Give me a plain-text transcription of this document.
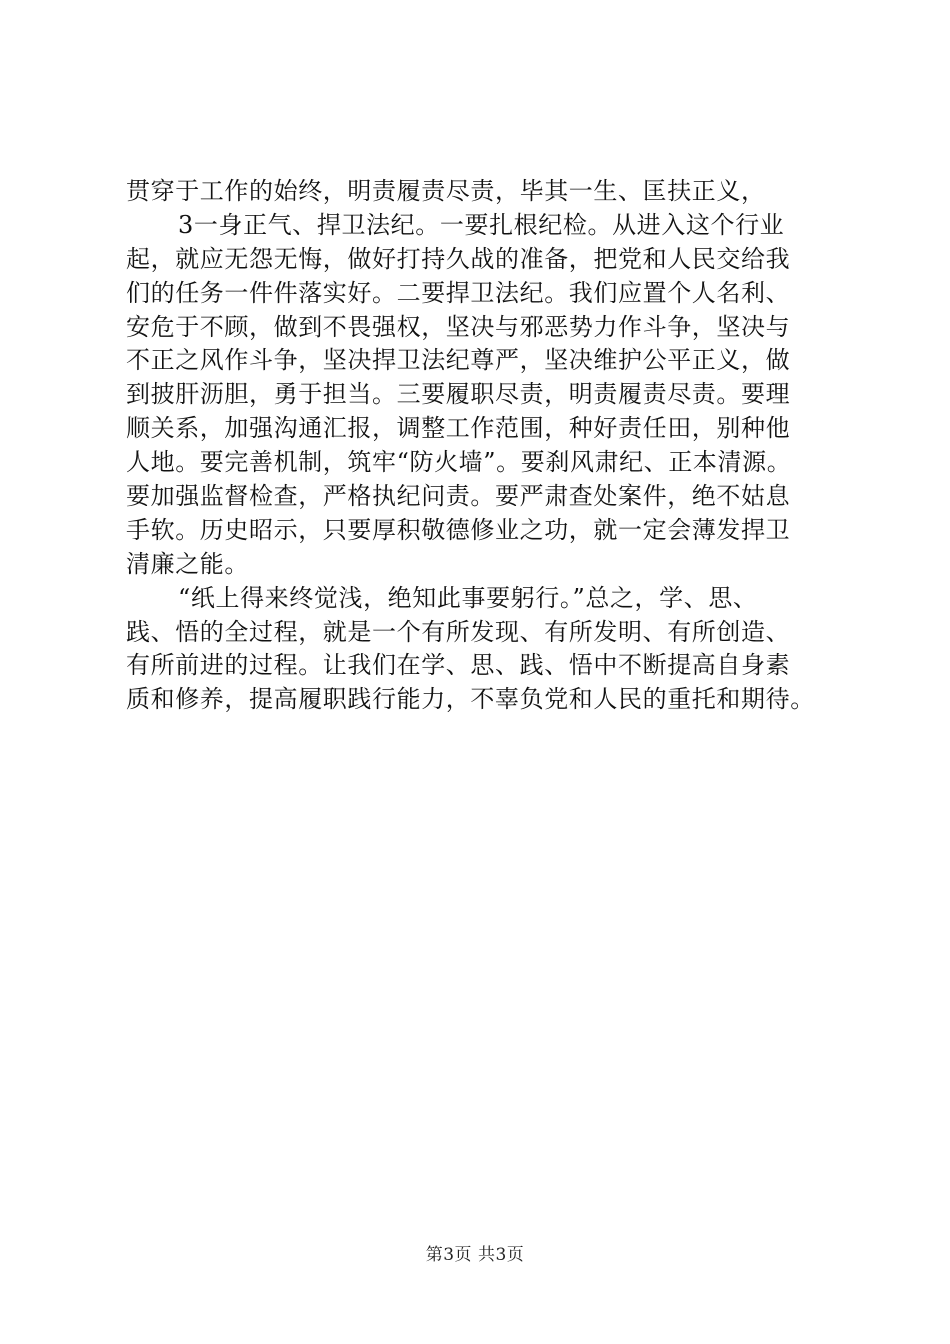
贯穿于工作的始终，明责履责尽责，毕其一生、匡扶正义，
3一身正气、捍卫法纪。一要扎根纪检。从进入这个行业
起，就应无怨无悔，做好打持久战的准备，把党和人民交给我
们的任务一件件落实好。二要捍卫法纪。我们应置个人名利、
安危于不顾，做到不畏强权，坚决与邪恶势力作斗争，坚决与
不正之风作斗争，坚决捍卫法纪尊严，坚决维护公平正义，做
到披肝沥胆，勇于担当。三要履职尽责，明责履责尽责。要理
顺关系，加强沟通汇报，调整工作范围，种好责任田，别种他
人地。要完善机制，筑牢“防火墙”。要刹风肃纪、正本清源。
要加强监督检查，严格执纪问责。要严肃查处案件，绝不姑息
手软。历史昭示，只要厚积敬德修业之功，就一定会薄发捍卫
清廉之能。
“纸上得来终觉浅，绝知此事要躬行。”总之，学、思、
践、悟的全过程，就是一个有所发现、有所发明、有所创造、
有所前进的过程。让我们在学、思、践、悟中不断提高自身素
质和修养，提高履职践行能力，不辜负党和人民的重托和期待。
第3页 共3页
